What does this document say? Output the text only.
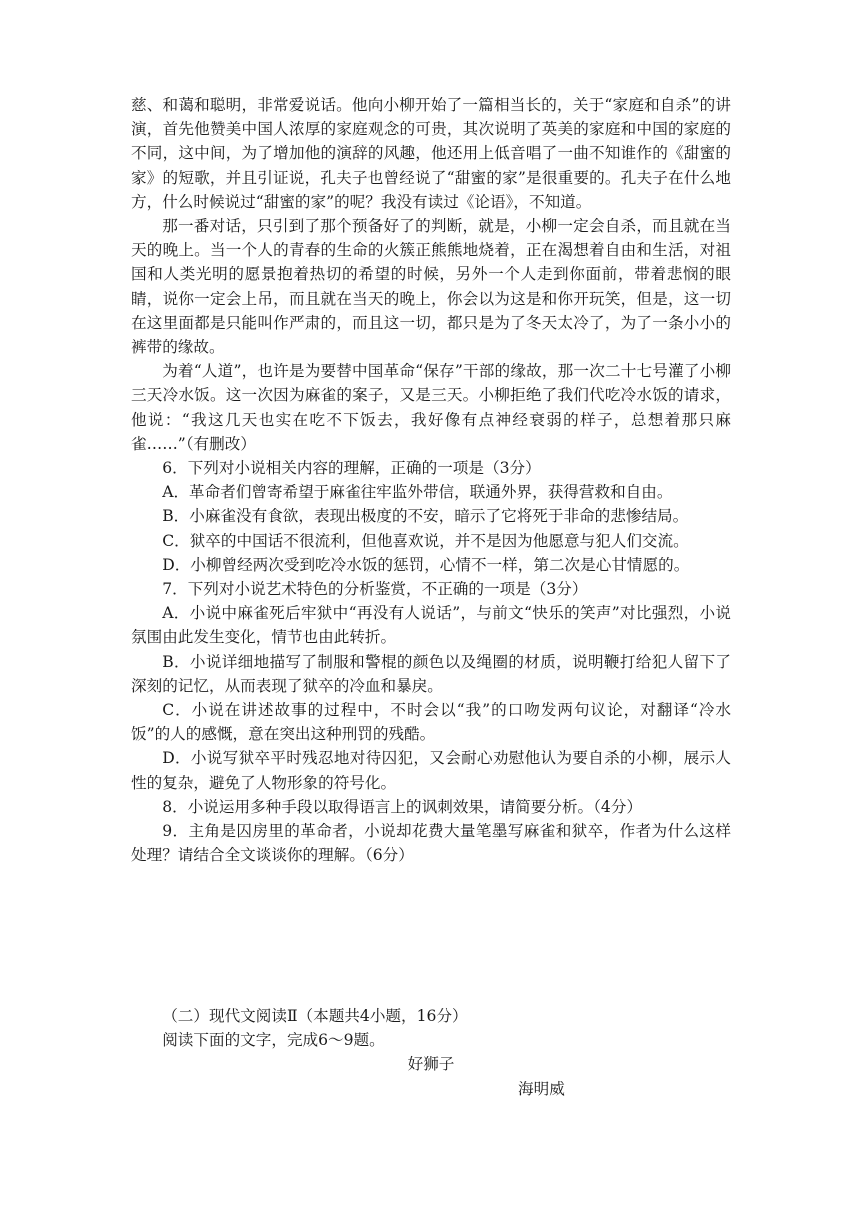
慈、和蔼和聪明，非常爱说话。他向小柳开始了一篇相当长的，关于“家庭和自杀”的讲演，首先他赞美中国人浓厚的家庭观念的可贵，其次说明了英美的家庭和中国的家庭的不同，这中间，为了增加他的演辞的风趣，他还用上低音唱了一曲不知谁作的《甜蜜的家》的短歌，并且引证说，孔夫子也曾经说了“甜蜜的家”是很重要的。孔夫子在什么地方，什么时候说过“甜蜜的家”的呢？我没有读过《论语》，不知道。

那一番对话，只引到了那个预备好了的判断，就是，小柳一定会自杀，而且就在当天的晚上。当一个人的青春的生命的火簇正熊熊地烧着，正在渴想着自由和生活，对祖国和人类光明的愿景抱着热切的希望的时候，另外一个人走到你面前，带着悲悯的眼睛，说你一定会上吊，而且就在当天的晚上，你会以为这是和你开玩笑，但是，这一切在这里面都是只能叫作严肃的，而且这一切，都只是为了冬天太冷了，为了一条小小的裤带的缘故。

为着“人道”，也许是为要替中国革命“保存”干部的缘故，那一次二十七号灌了小柳三天冷水饭。这一次因为麻雀的案子，又是三天。小柳拒绝了我们代吃冷水饭的请求，他说：“我这几天也实在吃不下饭去，我好像有点神经衰弱的样子，总想着那只麻雀……”（有删改）

6．下列对小说相关内容的理解，正确的一项是（3分）

A．革命者们曾寄希望于麻雀往牢监外带信，联通外界，获得营救和自由。

B．小麻雀没有食欲，表现出极度的不安，暗示了它将死于非命的悲惨结局。

C．狱卒的中国话不很流利，但他喜欢说，并不是因为他愿意与犯人们交流。

D．小柳曾经两次受到吃冷水饭的惩罚，心情不一样，第二次是心甘情愿的。

7．下列对小说艺术特色的分析鉴赏，不正确的一项是（3分）

A．小说中麻雀死后牢狱中“再没有人说话”，与前文“快乐的笑声”对比强烈，小说氛围由此发生变化，情节也由此转折。

B．小说详细地描写了制服和警棍的颜色以及绳圈的材质，说明鞭打给犯人留下了深刻的记忆，从而表现了狱卒的冷血和暴戾。

C．小说在讲述故事的过程中，不时会以“我”的口吻发两句议论，对翻译“冷水饭”的人的感慨，意在突出这种刑罚的残酷。

D．小说写狱卒平时残忍地对待囚犯，又会耐心劝慰他认为要自杀的小柳，展示人性的复杂，避免了人物形象的符号化。

8．小说运用多种手段以取得语言上的讽刺效果，请简要分析。（4分）

9．主角是囚房里的革命者，小说却花费大量笔墨写麻雀和狱卒，作者为什么这样处理？请结合全文谈谈你的理解。（6分）

（二）现代文阅读Ⅱ（本题共4小题，16分）

阅读下面的文字，完成6～9题。

好狮子

海明威
